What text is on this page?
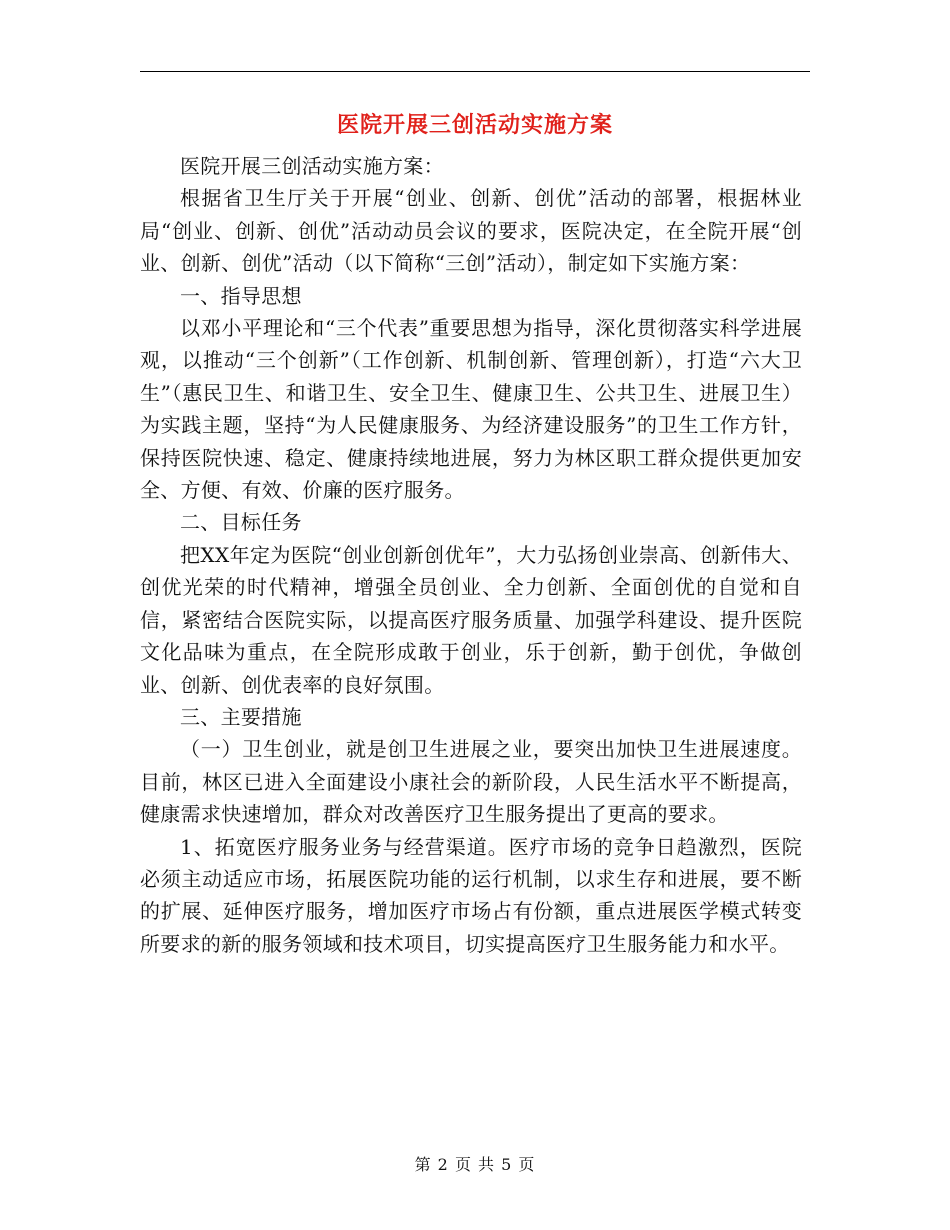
医院开展三创活动实施方案

医院开展三创活动实施方案：

根据省卫生厅关于开展“创业、创新、创优”活动的部署，根据林业局“创业、创新、创优”活动动员会议的要求，医院决定，在全院开展“创业、创新、创优”活动（以下简称“三创”活动），制定如下实施方案：

一、指导思想

以邓小平理论和“三个代表”重要思想为指导，深化贯彻落实科学进展观，以推动“三个创新”（工作创新、机制创新、管理创新），打造“六大卫生”（惠民卫生、和谐卫生、安全卫生、健康卫生、公共卫生、进展卫生）为实践主题，坚持“为人民健康服务、为经济建设服务”的卫生工作方针，保持医院快速、稳定、健康持续地进展，努力为林区职工群众提供更加安全、方便、有效、价廉的医疗服务。

二、目标任务

把XX年定为医院“创业创新创优年”，大力弘扬创业崇高、创新伟大、创优光荣的时代精神，增强全员创业、全力创新、全面创优的自觉和自信，紧密结合医院实际，以提高医疗服务质量、加强学科建设、提升医院文化品味为重点，在全院形成敢于创业，乐于创新，勤于创优，争做创业、创新、创优表率的良好氛围。

三、主要措施

（一）卫生创业，就是创卫生进展之业，要突出加快卫生进展速度。目前，林区已进入全面建设小康社会的新阶段，人民生活水平不断提高，健康需求快速增加，群众对改善医疗卫生服务提出了更高的要求。

1、拓宽医疗服务业务与经营渠道。医疗市场的竞争日趋激烈，医院必须主动适应市场，拓展医院功能的运行机制，以求生存和进展，要不断的扩展、延伸医疗服务，增加医疗市场占有份额，重点进展医学模式转变所要求的新的服务领域和技术项目，切实提高医疗卫生服务能力和水平。

第 2 页 共 5 页
